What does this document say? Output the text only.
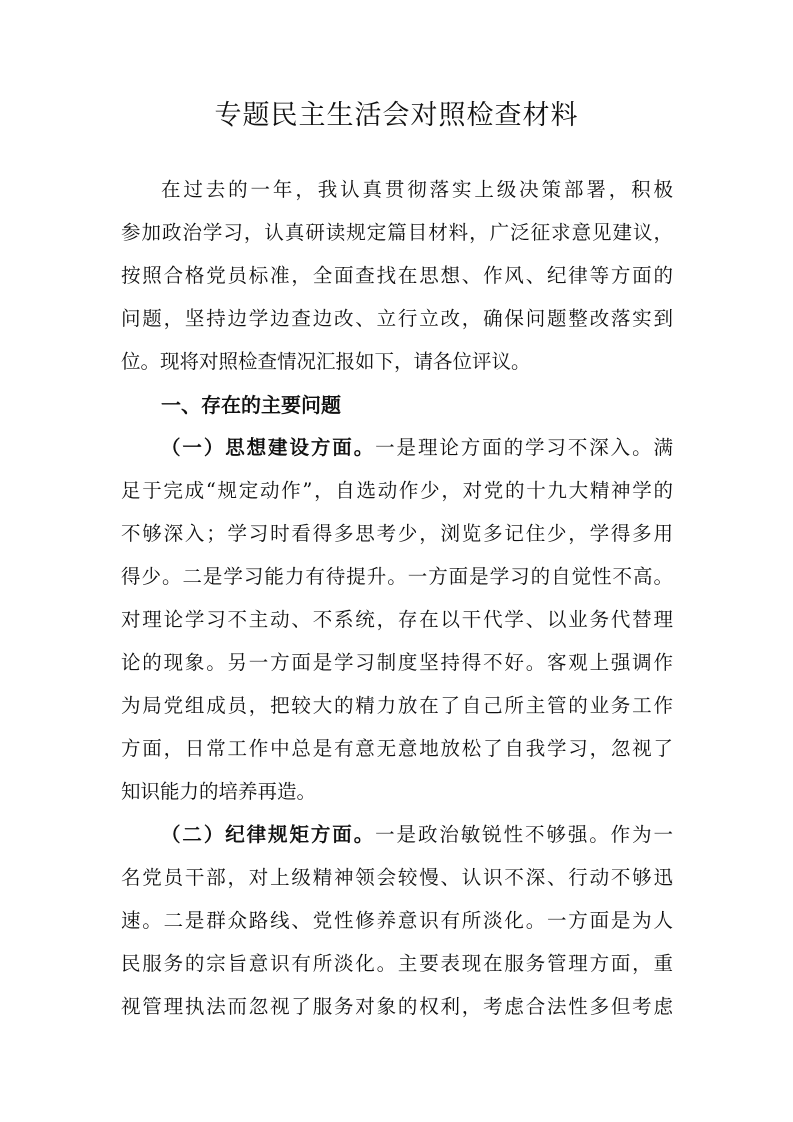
专题民主生活会对照检查材料
在过去的一年，我认真贯彻落实上级决策部署，积极
参加政治学习，认真研读规定篇目材料，广泛征求意见建议，
按照合格党员标准，全面查找在思想、作风、纪律等方面的
问题，坚持边学边查边改、立行立改，确保问题整改落实到
位。现将对照检查情况汇报如下，请各位评议。
一、存在的主要问题
（一）思想建设方面。一是理论方面的学习不深入。满
足于完成“规定动作”，自选动作少，对党的十九大精神学的
不够深入；学习时看得多思考少，浏览多记住少，学得多用
得少。二是学习能力有待提升。一方面是学习的自觉性不高。
对理论学习不主动、不系统，存在以干代学、以业务代替理
论的现象。另一方面是学习制度坚持得不好。客观上强调作
为局党组成员，把较大的精力放在了自己所主管的业务工作
方面，日常工作中总是有意无意地放松了自我学习，忽视了
知识能力的培养再造。
（二）纪律规矩方面。一是政治敏锐性不够强。作为一
名党员干部，对上级精神领会较慢、认识不深、行动不够迅
速。二是群众路线、党性修养意识有所淡化。一方面是为人
民服务的宗旨意识有所淡化。主要表现在服务管理方面，重
视管理执法而忽视了服务对象的权利，考虑合法性多但考虑
